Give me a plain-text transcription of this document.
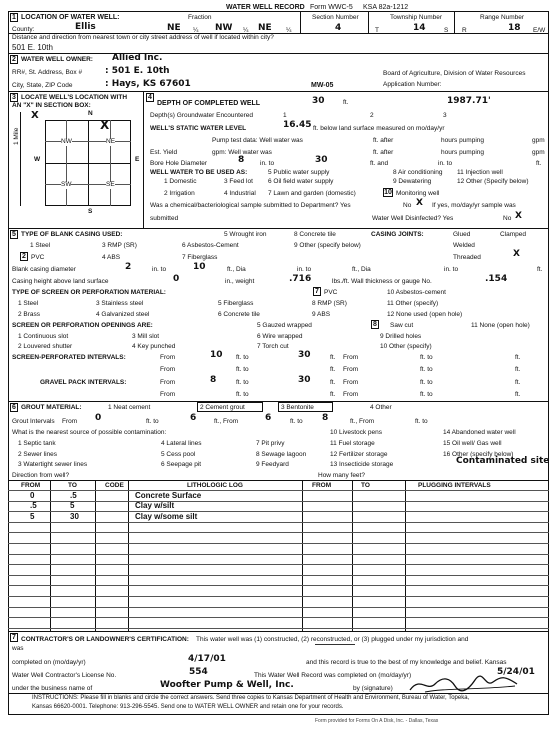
WATER WELL RECORD Form WWC-5 KSA 82a-1212
1 LOCATION OF WATER WELL:
County:	Ellis
Fraction
NE ¼ NW ¼ NE ¼
Section Number
4
Township Number
T	14	S
Range Number
R	18 E/W
Distance and direction from nearest town or city street address of well if located within city?
501 E. 10th
2 WATER WELL OWNER: Allied Inc.
RR#, St. Address, Box #	: 501 E. 10th
City, State, ZIP Code	: Hays, KS 67601
Board of Agriculture, Division of Water Resources
MW-05	Application Number:
3 LOCATE WELL'S LOCATION WITH
AN "X" IN SECTION BOX:
X	N
S
W	E
1 Mile	NW	NE
SW	SE
X
4
DEPTH OF COMPLETED WELL	30	ft.	1987.71'
Depth(s) Groundwater Encountered	1	2	3
WELL'S STATIC WATER LEVEL	16.45 ft. below land surface measured on mo/day/yr
Pump test data: Well water was	ft. after	hours pumping	gpm
Est. Yield	gpm: Well water was	ft. after	hours pumping	gpm
Bore Hole Diameter	8 in. to	30	ft. and	in. to	ft.
WELL WATER TO BE USED AS:	5 Public water supply	8 Air conditioning 11 Injection well
1 Domestic	3 Feed lot 6 Oil field water supply	9 Dewatering	12 Other (Specify below)
2 Irrigation	4 Industrial 7 Lawn and garden (domestic)	10 Monitoring well
Was a chemical/bacteriological sample submitted to Department? Yes	No X If yes, mo/day/yr sample was
submitted	Water Well Disinfected? Yes	No X
5 TYPE OF BLANK CASING USED:	5 Wrought iron	8 Concrete tile	CASING JOINTS:	Glued	Clamped
1 Steel	3 RMP (SR)	6 Asbestos-Cement	9 Other (specify below)	Welded
2 PVC	4 ABS	7 Fiberglass	Threaded	X
Blank casing diameter	2	in. to	10	ft., Dia	in. to	ft., Dia	in. to	ft.
Casing height above land surface	0	in., weight	.716	lbs./ft. Wall thickness or gauge No.	.154
TYPE OF SCREEN OR PERFORATION MATERIAL:	7 PVC	10 Asbestos-cement
1 Steel	3 Stainless steel	5 Fiberglass	8 RMP (SR)	11 Other (specify)
2 Brass	4 Galvanized steel	6 Concrete tile	9 ABS	12 None used (open hole)
SCREEN OR PERFORATION OPENINGS ARE:	5 Gauzed wrapped	8	Saw cut	11 None (open hole)
1 Continuous slot	3 Mill slot	6 Wire wrapped	9 Drilled holes
2 Louvered shutter	4 Key punched	7 Torch cut	10 Other (specify)
SCREEN-PERFORATED INTERVALS:	From	10 ft. to	30	ft. From	ft. to	ft.
From	ft. to	ft. From	ft. to	ft.
GRAVEL PACK INTERVALS:	From	8	ft. to	30	ft. From	ft. to	ft.
From	ft. to	ft. From	ft. to	ft.
6 GROUT MATERIAL:	1 Neat cement	2 Cement grout	3 Bentonite	4 Other
Grout Intervals From 0	ft. to	6	ft., From	6	ft. to 8	ft., From	ft. to
What is the nearest source of possible contamination:	10 Livestock pens	14 Abandoned water well
1 Septic tank	4 Lateral lines	7 Pit privy	11 Fuel storage	15 Oil well/ Gas well
2 Sewer lines	5 Cess pool	8 Sewage lagoon	12 Fertilizer storage	16 Other (specify below)
3 Watertight sewer lines	6 Seepage pit	9 Feedyard	13 Insecticide storage	Contaminated site
Direction from well?	How many feet?
FROM	TO	CODE	LITHOLOGIC LOG	FROM	TO	PLUGGING INTERVALS
0	.5	Concrete Surface
.5	5	Clay w/silt
5	30	Clay w/some silt
7 CONTRACTOR'S OR LANDOWNER'S CERTIFICATION: This water well was (1) constructed, (2) reconstructed, or (3) plugged under my jurisdiction and
was
completed on (mo/day/yr)	4/17/01	and this record is true to the best of my knowledge and belief. Kansas
Water Well Contractor's License No.	554	This Water Well Record was completed on (mo/day/yr)	5/24/01
under the business name of	Woofter Pump & Well, Inc.	by (signature)
INSTRUCTIONS: Please fill in blanks and circle the correct answers. Send three copies to Kansas Department of Health and Environment, Bureau of Water, Topeka,
Kansas 66620-0001. Telephone: 913-296-5545. Send one to WATER WELL OWNER and retain one for your records.
Form provided for Forms On A Disk, Inc. - Dallas, Texas
